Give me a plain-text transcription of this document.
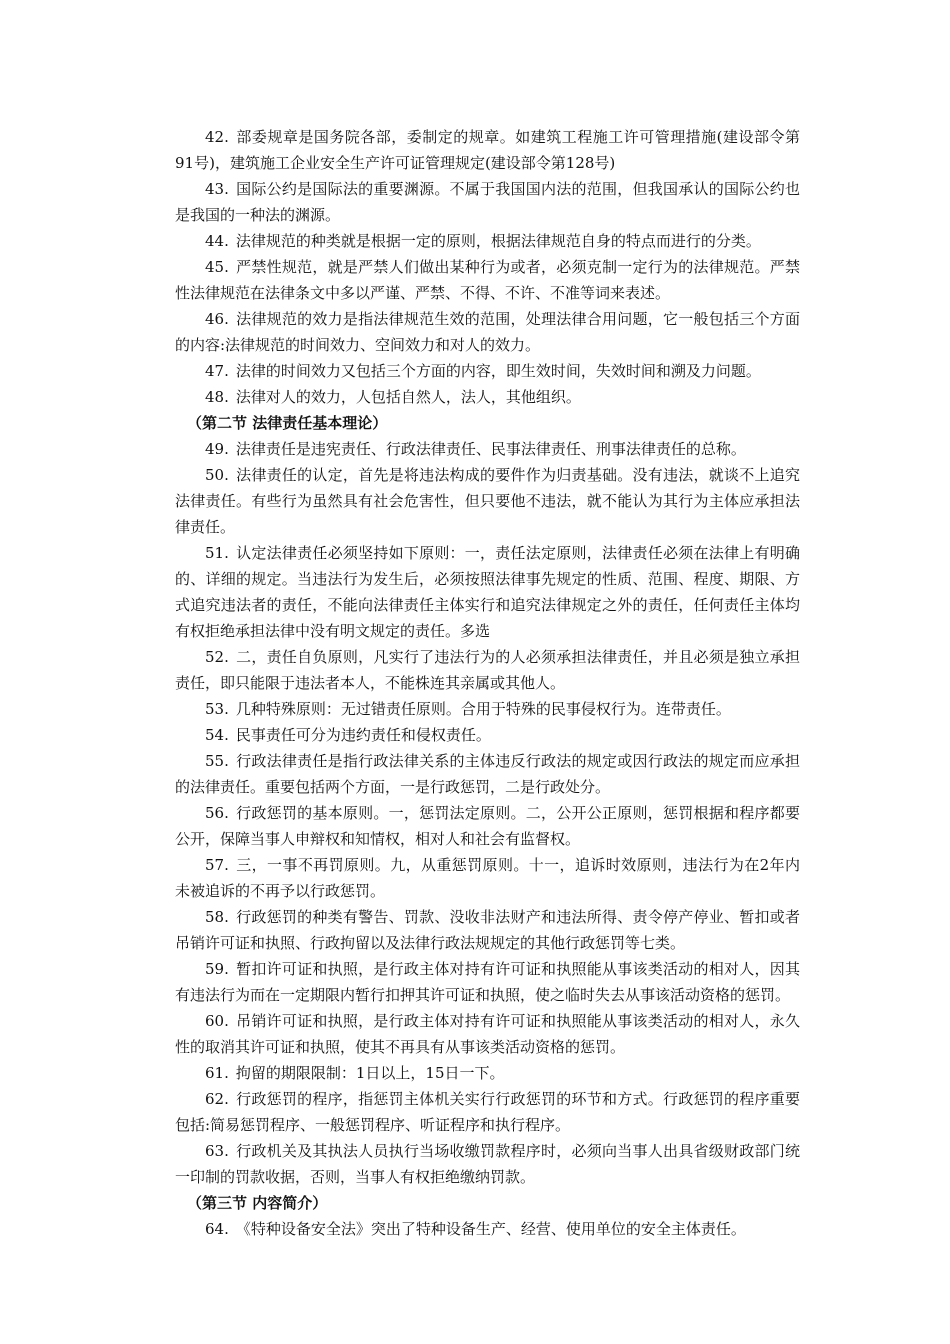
42. 部委规章是国务院各部，委制定的规章。如建筑工程施工许可管理措施(建设部令第91号)，建筑施工企业安全生产许可证管理规定(建设部令第128号)

43. 国际公约是国际法的重要渊源。不属于我国国内法的范围，但我国承认的国际公约也是我国的一种法的渊源。

44. 法律规范的种类就是根据一定的原则，根据法律规范自身的特点而进行的分类。

45. 严禁性规范，就是严禁人们做出某种行为或者，必须克制一定行为的法律规范。严禁性法律规范在法律条文中多以严谨、严禁、不得、不许、不准等词来表述。

46. 法律规范的效力是指法律规范生效的范围，处理法律合用问题，它一般包括三个方面的内容:法律规范的时间效力、空间效力和对人的效力。

47. 法律的时间效力又包括三个方面的内容，即生效时间，失效时间和溯及力问题。

48. 法律对人的效力，人包括自然人，法人，其他组织。

（第二节 法律责任基本理论）

49. 法律责任是违宪责任、行政法律责任、民事法律责任、刑事法律责任的总称。

50. 法律责任的认定，首先是将违法构成的要件作为归责基础。没有违法，就谈不上追究法律责任。有些行为虽然具有社会危害性，但只要他不违法，就不能认为其行为主体应承担法律责任。

51. 认定法律责任必须坚持如下原则：一，责任法定原则，法律责任必须在法律上有明确的、详细的规定。当违法行为发生后，必须按照法律事先规定的性质、范围、程度、期限、方式追究违法者的责任，不能向法律责任主体实行和追究法律规定之外的责任，任何责任主体均有权拒绝承担法律中没有明文规定的责任。多选

52. 二，责任自负原则，凡实行了违法行为的人必须承担法律责任，并且必须是独立承担责任，即只能限于违法者本人，不能株连其亲属或其他人。

53. 几种特殊原则：无过错责任原则。合用于特殊的民事侵权行为。连带责任。

54. 民事责任可分为违约责任和侵权责任。

55. 行政法律责任是指行政法律关系的主体违反行政法的规定或因行政法的规定而应承担的法律责任。重要包括两个方面，一是行政惩罚，二是行政处分。

56. 行政惩罚的基本原则。一，惩罚法定原则。二，公开公正原则，惩罚根据和程序都要公开，保障当事人申辩权和知情权，相对人和社会有监督权。

57. 三，一事不再罚原则。九，从重惩罚原则。十一，追诉时效原则，违法行为在2年内未被追诉的不再予以行政惩罚。

58. 行政惩罚的种类有警告、罚款、没收非法财产和违法所得、责令停产停业、暂扣或者吊销许可证和执照、行政拘留以及法律行政法规规定的其他行政惩罚等七类。

59. 暂扣许可证和执照，是行政主体对持有许可证和执照能从事该类活动的相对人，因其有违法行为而在一定期限内暂行扣押其许可证和执照，使之临时失去从事该活动资格的惩罚。

60. 吊销许可证和执照，是行政主体对持有许可证和执照能从事该类活动的相对人，永久性的取消其许可证和执照，使其不再具有从事该类活动资格的惩罚。

61. 拘留的期限限制：1日以上，15日一下。

62. 行政惩罚的程序，指惩罚主体机关实行行政惩罚的环节和方式。行政惩罚的程序重要包括:简易惩罚程序、一般惩罚程序、听证程序和执行程序。

63. 行政机关及其执法人员执行当场收缴罚款程序时，必须向当事人出具省级财政部门统一印制的罚款收据，否则，当事人有权拒绝缴纳罚款。

（第三节 内容简介）

64. 《特种设备安全法》突出了特种设备生产、经营、使用单位的安全主体责任。
